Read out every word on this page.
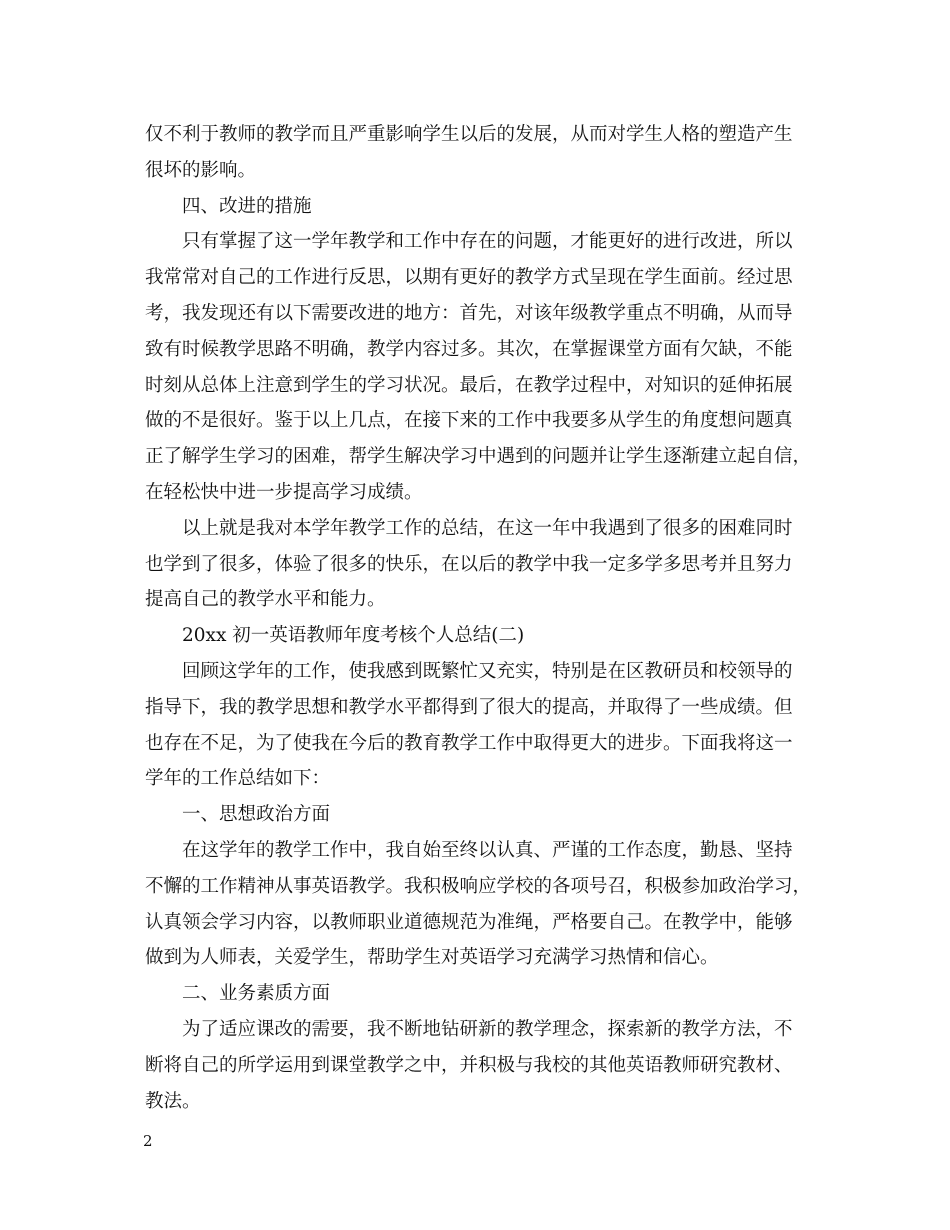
仅不利于教师的教学而且严重影响学生以后的发展，从而对学生人格的塑造产生
很坏的影响。
四、改进的措施
只有掌握了这一学年教学和工作中存在的问题，才能更好的进行改进，所以
我常常对自己的工作进行反思，以期有更好的教学方式呈现在学生面前。经过思
考，我发现还有以下需要改进的地方：首先，对该年级教学重点不明确，从而导
致有时候教学思路不明确，教学内容过多。其次，在掌握课堂方面有欠缺，不能
时刻从总体上注意到学生的学习状况。最后，在教学过程中，对知识的延伸拓展
做的不是很好。鉴于以上几点，在接下来的工作中我要多从学生的角度想问题真
正了解学生学习的困难，帮学生解决学习中遇到的问题并让学生逐渐建立起自信，
在轻松快中进一步提高学习成绩。
以上就是我对本学年教学工作的总结，在这一年中我遇到了很多的困难同时
也学到了很多，体验了很多的快乐，在以后的教学中我一定多学多思考并且努力
提高自己的教学水平和能力。
20xx 初一英语教师年度考核个人总结(二)
回顾这学年的工作，使我感到既繁忙又充实，特别是在区教研员和校领导的
指导下，我的教学思想和教学水平都得到了很大的提高，并取得了一些成绩。但
也存在不足，为了使我在今后的教育教学工作中取得更大的进步。下面我将这一
学年的工作总结如下：
一、思想政治方面
在这学年的教学工作中，我自始至终以认真、严谨的工作态度，勤恳、坚持
不懈的工作精神从事英语教学。我积极响应学校的各项号召，积极参加政治学习，
认真领会学习内容，以教师职业道德规范为准绳，严格要自己。在教学中，能够
做到为人师表，关爱学生，帮助学生对英语学习充满学习热情和信心。
二、业务素质方面
为了适应课改的需要，我不断地钻研新的教学理念，探索新的教学方法，不
断将自己的所学运用到课堂教学之中，并积极与我校的其他英语教师研究教材、
教法。
2
